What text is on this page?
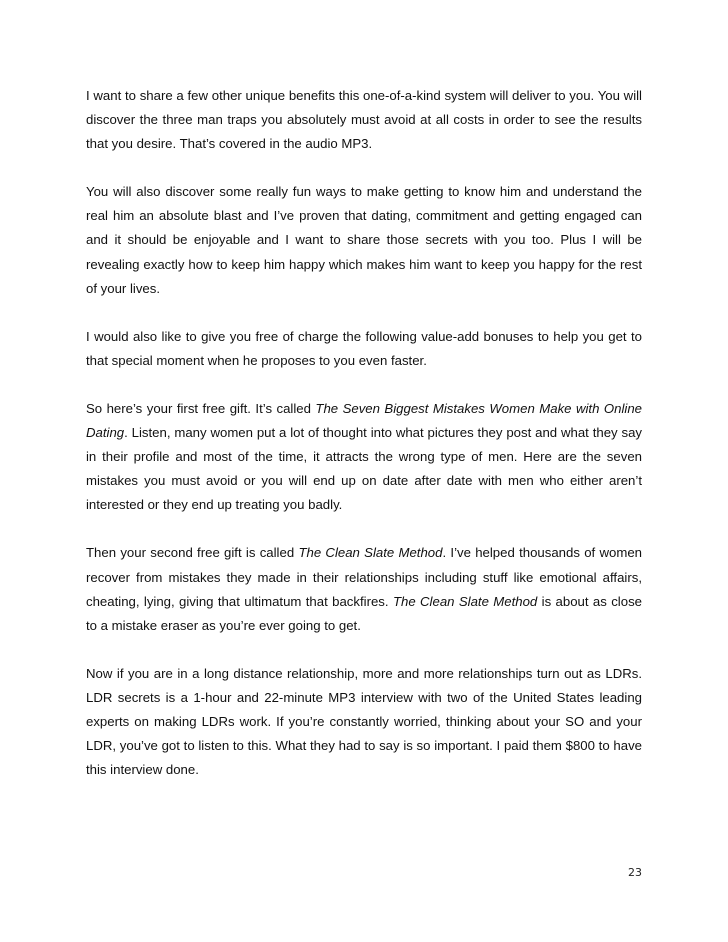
I want to share a few other unique benefits this one-of-a-kind system will deliver to you. You will discover the three man traps you absolutely must avoid at all costs in order to see the results that you desire. That’s covered in the audio MP3.

You will also discover some really fun ways to make getting to know him and understand the real him an absolute blast and I’ve proven that dating, commitment and getting engaged can and it should be enjoyable and I want to share those secrets with you too. Plus I will be revealing exactly how to keep him happy which makes him want to keep you happy for the rest of your lives.

I would also like to give you free of charge the following value-add bonuses to help you get to that special moment when he proposes to you even faster.

So here’s your first free gift. It’s called The Seven Biggest Mistakes Women Make with Online Dating. Listen, many women put a lot of thought into what pictures they post and what they say in their profile and most of the time, it attracts the wrong type of men. Here are the seven mistakes you must avoid or you will end up on date after date with men who either aren’t interested or they end up treating you badly.

Then your second free gift is called The Clean Slate Method. I’ve helped thousands of women recover from mistakes they made in their relationships including stuff like emotional affairs, cheating, lying, giving that ultimatum that backfires. The Clean Slate Method is about as close to a mistake eraser as you’re ever going to get.

Now if you are in a long distance relationship, more and more relationships turn out as LDRs. LDR secrets is a 1-hour and 22-minute MP3 interview with two of the United States leading experts on making LDRs work. If you’re constantly worried, thinking about your SO and your LDR, you’ve got to listen to this. What they had to say is so important. I paid them $800 to have this interview done.

23
